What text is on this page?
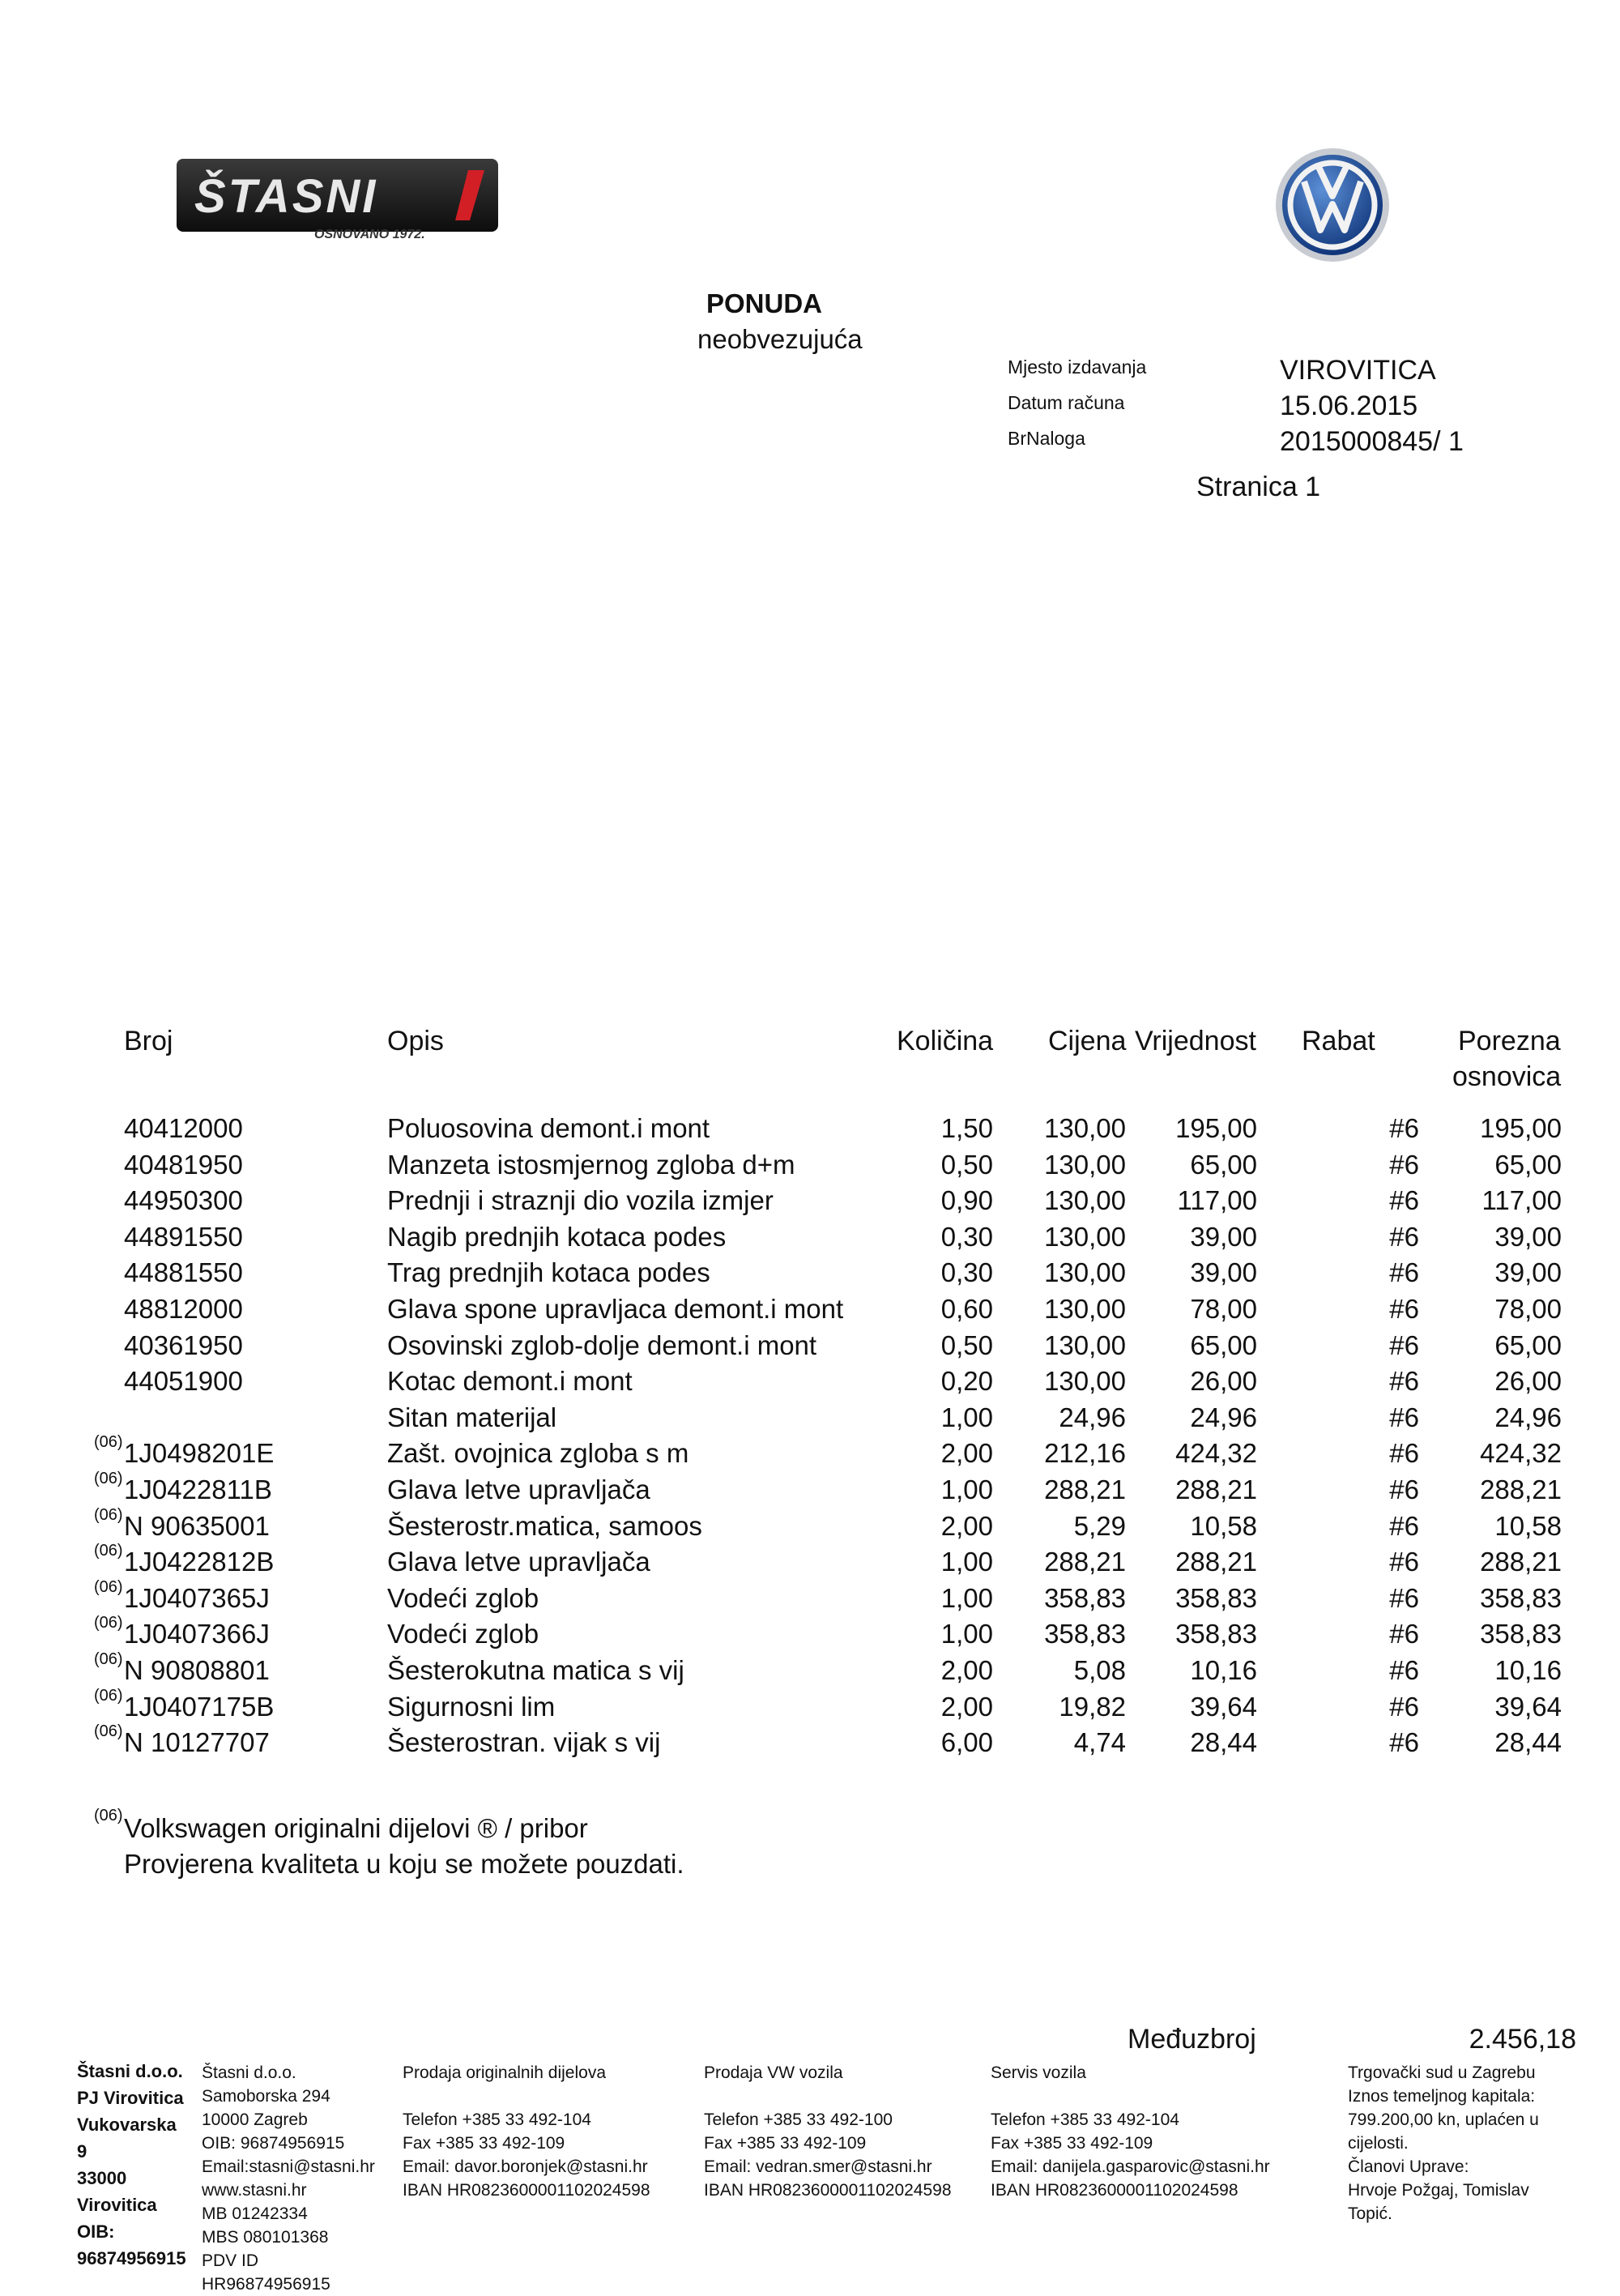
ŠTASNI
OSNOVANO 1972.
PONUDA
neobvezujuća
Mjesto izdavanja	VIROVITICA
Datum računa	15.06.2015
BrNaloga	2015000845/ 1
Stranica 1
Broj	Opis	Količina Cijena Vrijednost Rabat	Porezna
osnovica
40412000	Poluosovina demont.i mont	1,50 130,00 195,00	#6 195,00
40481950	Manzeta istosmjernog zgloba d+m	0,50 130,00 65,00	#6	65,00
44950300	Prednji i straznji dio vozila izmjer	0,90 130,00 117,00	#6 117,00
44891550	Nagib prednjih kotaca podes	0,30 130,00 39,00	#6	39,00
44881550	Trag prednjih kotaca podes	0,30 130,00 39,00	#6	39,00
48812000	Glava spone upravljaca demont.i mont	0,60 130,00 78,00	#6	78,00
40361950	Osovinski zglob-dolje demont.i mont	0,50 130,00 65,00	#6	65,00
44051900	Kotac demont.i mont	0,20 130,00 26,00	#6	26,00
Sitan materijal	1,00 24,96 24,96	#6	24,96
(06) 1J0498201E	Zašt. ovojnica zgloba s m	2,00 212,16 424,32	#6 424,32
(06) 1J0422811B	Glava letve upravljača	1,00 288,21 288,21	#6 288,21
(06) N 90635001	Šesterostr.matica, samoos	2,00	5,29 10,58	#6	10,58
(06) 1J0422812B	Glava letve upravljača	1,00 288,21 288,21	#6 288,21
(06) 1J0407365J	Vodeći zglob	1,00 358,83 358,83	#6 358,83
(06) 1J0407366J	Vodeći zglob	1,00 358,83 358,83	#6 358,83
(06) N 90808801	Šesterokutna matica s vij	2,00	5,08 10,16	#6	10,16
(06) 1J0407175B	Sigurnosni lim	2,00 19,82 39,64	#6	39,64
(06) N 10127707	Šesterostran. vijak s vij	6,00	4,74 28,44	#6	28,44
(06) Volkswagen originalni dijelovi ® / pribor
Provjerena kvaliteta u koju se možete pouzdati.
Međuzbroj	2.456,18
Štasni d.o.o.
PJ Virovitica
Vukovarska
9
33000
Virovitica
OIB:
96874956915
Štasni d.o.o.
Samoborska 294
10000 Zagreb
OIB: 96874956915
Email:stasni@stasni.hr
www.stasni.hr
MB 01242334
MBS 080101368
PDV ID
HR96874956915
Prodaja originalnih dijelova

Telefon +385 33 492-104
Fax +385 33 492-109
Email: davor.boronjek@stasni.hr
IBAN HR0823600001102024598
Prodaja VW vozila

Telefon +385 33 492-100
Fax +385 33 492-109
Email: vedran.smer@stasni.hr
IBAN HR0823600001102024598
Servis vozila

Telefon +385 33 492-104
Fax +385 33 492-109
Email: danijela.gasparovic@stasni.hr
IBAN HR0823600001102024598
Trgovački sud u Zagrebu
Iznos temeljnog kapitala:
799.200,00 kn, uplaćen u
cijelosti.
Članovi Uprave:
Hrvoje Požgaj, Tomislav
Topić.
